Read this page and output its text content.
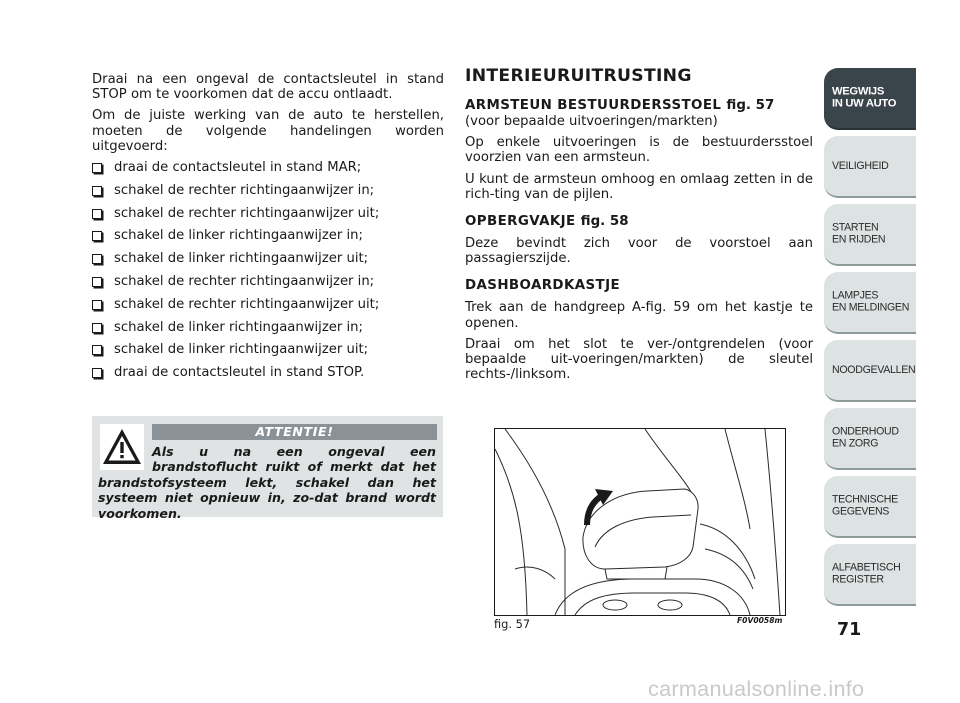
Draai na een ongeval de contactsleutel in stand STOP om te voorkomen dat de accu ontlaadt.

Om de juiste werking van de auto te herstellen, moeten de volgende handelingen worden uitgevoerd:

draai de contactsleutel in stand MAR;
schakel de rechter richtingaanwijzer in;
schakel de rechter richtingaanwijzer uit;
schakel de linker richtingaanwijzer in;
schakel de linker richtingaanwijzer uit;
schakel de rechter richtingaanwijzer in;
schakel de rechter richtingaanwijzer uit;
schakel de linker richtingaanwijzer in;
schakel de linker richtingaanwijzer uit;
draai de contactsleutel in stand STOP.
ATTENTIE!
Als u na een ongeval een brandstoflucht ruikt of merkt dat het brandstofsysteem lekt, schakel dan het systeem niet opnieuw in, zo-dat brand wordt voorkomen.
INTERIEURUITRUSTING
ARMSTEUN BESTUURDERSSTOEL fig. 57

(voor bepaalde uitvoeringen/markten)

Op enkele uitvoeringen is de bestuurdersstoel voorzien van een armsteun.

U kunt de armsteun omhoog en omlaag zetten in de rich-ting van de pijlen.

OPBERGVAKJE fig. 58

Deze bevindt zich voor de voorstoel aan passagierszijde.

DASHBOARDKASTJE

Trek aan de handgreep A-fig. 59 om het kastje te openen.

Draai om het slot te ver-/ontgrendelen (voor bepaalde uit-voeringen/markten) de sleutel rechts-/linksom.

fig. 57	F0V0058m
WEGWIJS
IN UW AUTO
VEILIGHEID
STARTEN
EN RIJDEN
LAMPJES
EN MELDINGEN
NOODGEVALLEN
ONDERHOUD
EN ZORG
TECHNISCHE
GEGEVENS
ALFABETISCH
REGISTER
71
carmanualsonline.info
